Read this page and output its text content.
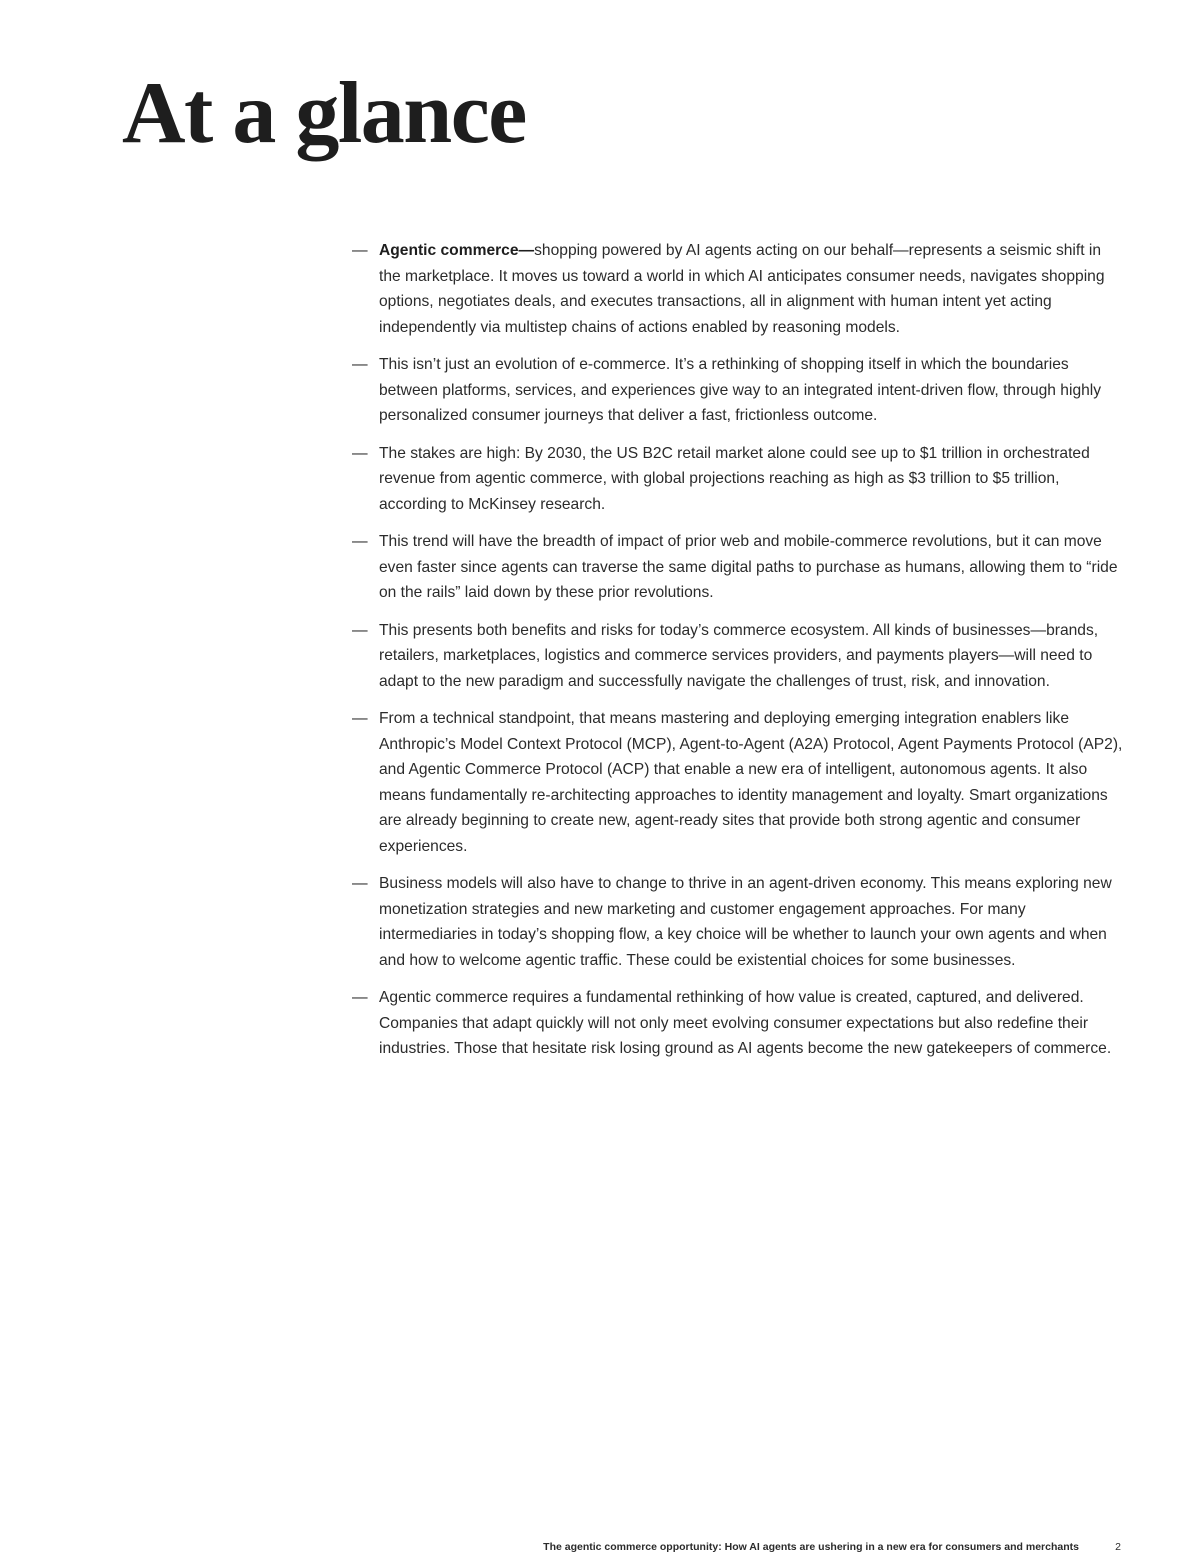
At a glance
— Agentic commerce—shopping powered by AI agents acting on our behalf—represents a seismic shift in the marketplace. It moves us toward a world in which AI anticipates consumer needs, navigates shopping options, negotiates deals, and executes transactions, all in alignment with human intent yet acting independently via multistep chains of actions enabled by reasoning models.
— This isn’t just an evolution of e-commerce. It’s a rethinking of shopping itself in which the boundaries between platforms, services, and experiences give way to an integrated intent-driven flow, through highly personalized consumer journeys that deliver a fast, frictionless outcome.
— The stakes are high: By 2030, the US B2C retail market alone could see up to $1 trillion in orchestrated revenue from agentic commerce, with global projections reaching as high as $3 trillion to $5 trillion, according to McKinsey research.
— This trend will have the breadth of impact of prior web and mobile-commerce revolutions, but it can move even faster since agents can traverse the same digital paths to purchase as humans, allowing them to “ride on the rails” laid down by these prior revolutions.
— This presents both benefits and risks for today’s commerce ecosystem. All kinds of businesses—brands, retailers, marketplaces, logistics and commerce services providers, and payments players—will need to adapt to the new paradigm and successfully navigate the challenges of trust, risk, and innovation.
— From a technical standpoint, that means mastering and deploying emerging integration enablers like Anthropic’s Model Context Protocol (MCP), Agent-to-Agent (A2A) Protocol, Agent Payments Protocol (AP2), and Agentic Commerce Protocol (ACP) that enable a new era of intelligent, autonomous agents. It also means fundamentally re-architecting approaches to identity management and loyalty. Smart organizations are already beginning to create new, agent-ready sites that provide both strong agentic and consumer experiences.
— Business models will also have to change to thrive in an agent-driven economy. This means exploring new monetization strategies and new marketing and customer engagement approaches. For many intermediaries in today’s shopping flow, a key choice will be whether to launch your own agents and when and how to welcome agentic traffic. These could be existential choices for some businesses.
— Agentic commerce requires a fundamental rethinking of how value is created, captured, and delivered. Companies that adapt quickly will not only meet evolving consumer expectations but also redefine their industries. Those that hesitate risk losing ground as AI agents become the new gatekeepers of commerce.
The agentic commerce opportunity: How AI agents are ushering in a new era for consumers and merchants	2
